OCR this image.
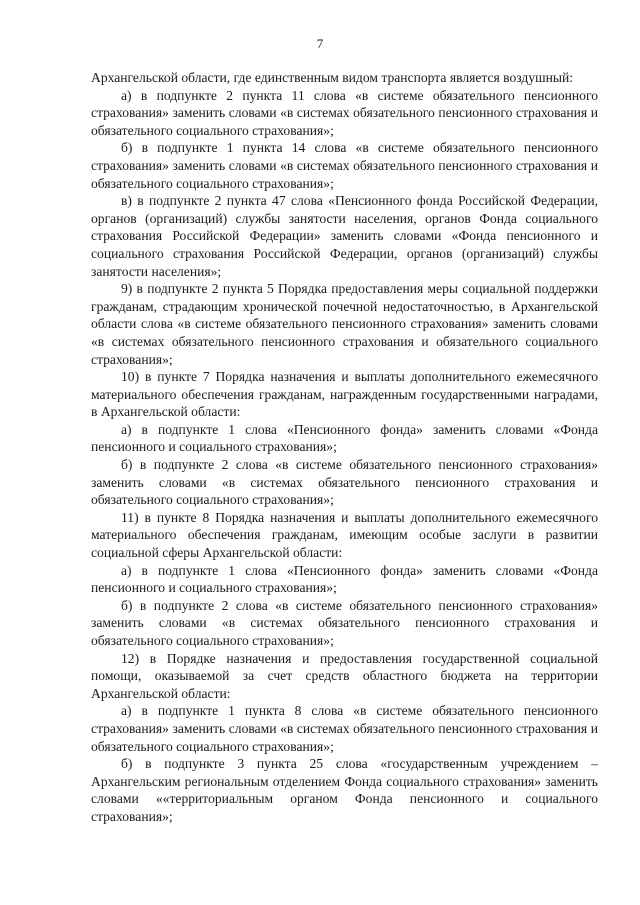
7

Архангельской области, где единственным видом транспорта является воздушный:

а) в подпункте 2 пункта 11 слова «в системе обязательного пенсионного страхования» заменить словами «в системах обязательного пенсионного страхования и обязательного социального страхования»;

б) в подпункте 1 пункта 14 слова «в системе обязательного пенсионного страхования» заменить словами «в системах обязательного пенсионного страхования и обязательного социального страхования»;

в) в подпункте 2 пункта 47 слова «Пенсионного фонда Российской Федерации, органов (организаций) службы занятости населения, органов Фонда социального страхования Российской Федерации» заменить словами «Фонда пенсионного и социального страхования Российской Федерации, органов (организаций) службы занятости населения»;

9) в подпункте 2 пункта 5 Порядка предоставления меры социальной поддержки гражданам, страдающим хронической почечной недостаточностью, в Архангельской области слова «в системе обязательного пенсионного страхования» заменить словами «в системах обязательного пенсионного страхования и обязательного социального страхования»;

10) в пункте 7 Порядка назначения и выплаты дополнительного ежемесячного материального обеспечения гражданам, награжденным государственными наградами, в Архангельской области:

а) в подпункте 1 слова «Пенсионного фонда» заменить словами «Фонда пенсионного и социального страхования»;

б) в подпункте 2 слова «в системе обязательного пенсионного страхования» заменить словами «в системах обязательного пенсионного страхования и обязательного социального страхования»;

11) в пункте 8 Порядка назначения и выплаты дополнительного ежемесячного материального обеспечения гражданам, имеющим особые заслуги в развитии социальной сферы Архангельской области:

а) в подпункте 1 слова «Пенсионного фонда» заменить словами «Фонда пенсионного и социального страхования»;

б) в подпункте 2 слова «в системе обязательного пенсионного страхования» заменить словами «в системах обязательного пенсионного страхования и обязательного социального страхования»;

12) в Порядке назначения и предоставления государственной социальной помощи, оказываемой за счет средств областного бюджета на территории Архангельской области:

а) в подпункте 1 пункта 8 слова «в системе обязательного пенсионного страхования» заменить словами «в системах обязательного пенсионного страхования и обязательного социального страхования»;

б) в подпункте 3 пункта 25 слова «государственным учреждением – Архангельским региональным отделением Фонда социального страхования» заменить словами ««территориальным органом Фонда пенсионного и социального страхования»;
